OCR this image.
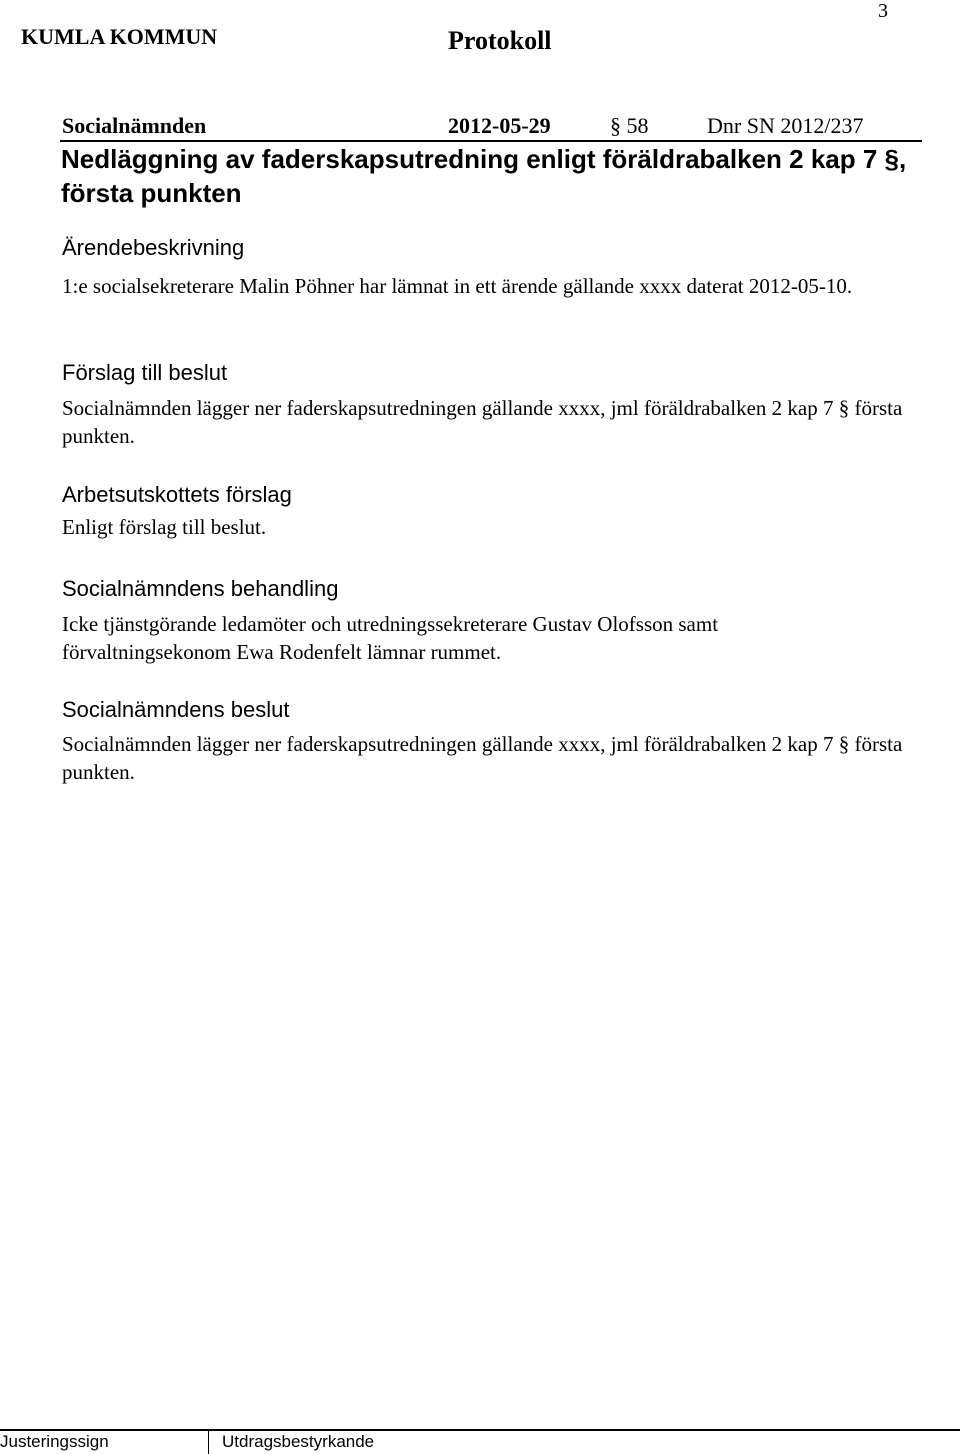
KUMLA KOMMUN	Protokoll
3
Socialnämnden	2012-05-29	§ 58	Dnr SN 2012/237
Nedläggning av faderskapsutredning enligt föräldrabalken 2 kap 7 §, första punkten

Ärendebeskrivning

1:e socialsekreterare Malin Pöhner har lämnat in ett ärende gällande xxxx daterat 2012-05-10.

Förslag till beslut

Socialnämnden lägger ner faderskapsutredningen gällande xxxx, jml föräldrabalken 2 kap 7 § första punkten.

Arbetsutskottets förslag

Enligt förslag till beslut.

Socialnämndens behandling

Icke tjänstgörande ledamöter och utredningssekreterare Gustav Olofsson samt förvaltningsekonom Ewa Rodenfelt lämnar rummet.

Socialnämndens beslut

Socialnämnden lägger ner faderskapsutredningen gällande xxxx, jml föräldrabalken 2 kap 7 § första punkten.

Justeringssign	Utdragsbestyrkande
